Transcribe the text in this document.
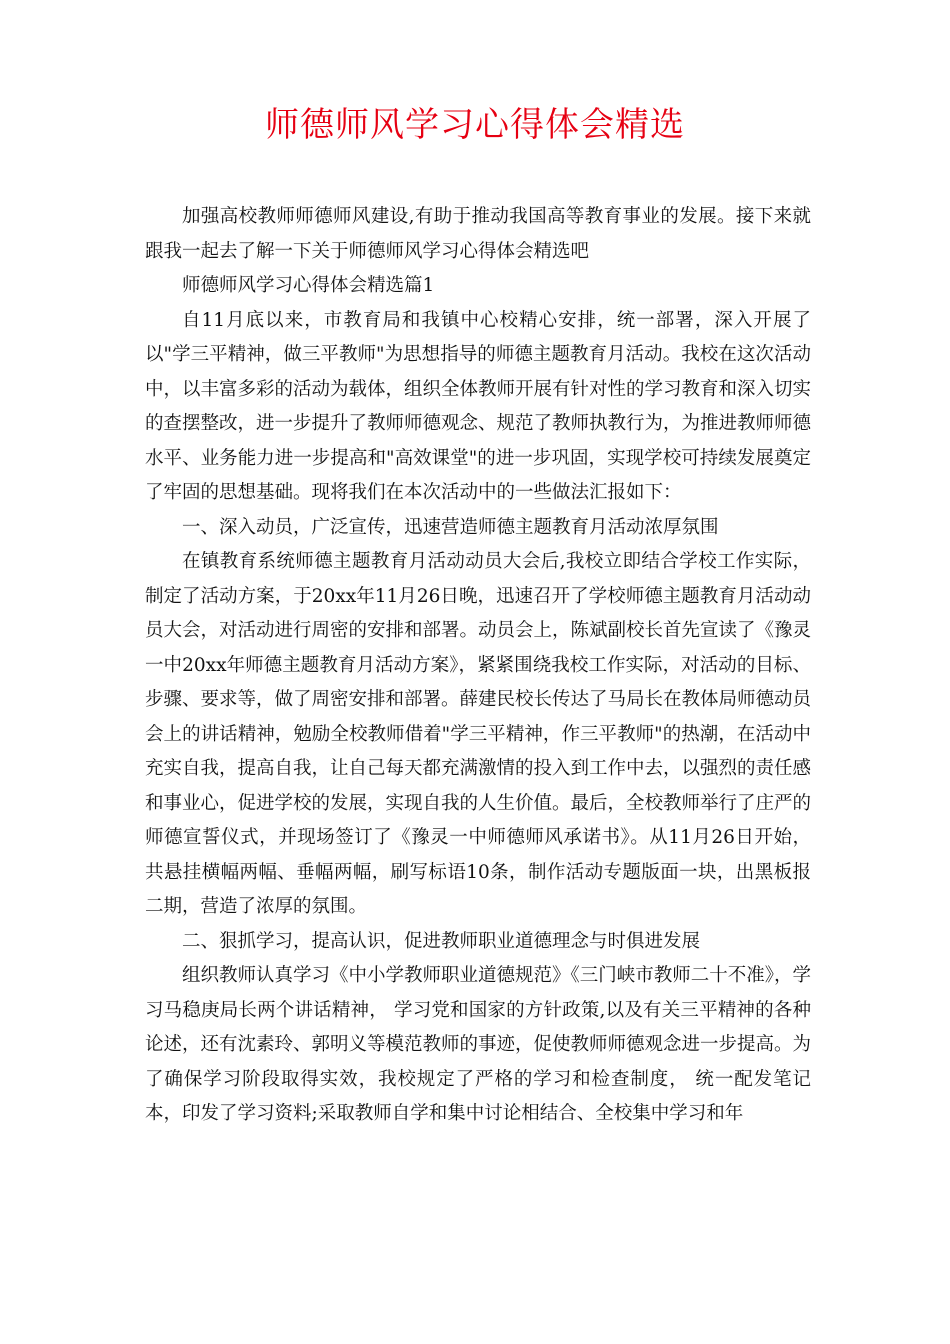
师德师风学习心得体会精选

加强高校教师师德师风建设,有助于推动我国高等教育事业的发展。接下来就跟我一起去了解一下关于师德师风学习心得体会精选吧

师德师风学习心得体会精选篇1

自11月底以来，市教育局和我镇中心校精心安排，统一部署，深入开展了以"学三平精神，做三平教师"为思想指导的师德主题教育月活动。我校在这次活动中，以丰富多彩的活动为载体，组织全体教师开展有针对性的学习教育和深入切实的查摆整改，进一步提升了教师师德观念、规范了教师执教行为，为推进教师师德水平、业务能力进一步提高和"高效课堂"的进一步巩固，实现学校可持续发展奠定了牢固的思想基础。现将我们在本次活动中的一些做法汇报如下：

一、深入动员，广泛宣传，迅速营造师德主题教育月活动浓厚氛围

在镇教育系统师德主题教育月活动动员大会后,我校立即结合学校工作实际，制定了活动方案，于20xx年11月26日晚，迅速召开了学校师德主题教育月活动动员大会，对活动进行周密的安排和部署。动员会上，陈斌副校长首先宣读了《豫灵一中20xx年师德主题教育月活动方案》，紧紧围绕我校工作实际，对活动的目标、步骤、要求等，做了周密安排和部署。薛建民校长传达了马局长在教体局师德动员会上的讲话精神，勉励全校教师借着"学三平精神，作三平教师"的热潮，在活动中充实自我，提高自我，让自己每天都充满激情的投入到工作中去，以强烈的责任感和事业心，促进学校的发展，实现自我的人生价值。最后，全校教师举行了庄严的师德宣誓仪式，并现场签订了《豫灵一中师德师风承诺书》。从11月26日开始，共悬挂横幅两幅、垂幅两幅，刷写标语10条，制作活动专题版面一块，出黑板报二期，营造了浓厚的氛围。

二、狠抓学习，提高认识，促进教师职业道德理念与时俱进发展

组织教师认真学习《中小学教师职业道德规范》《三门峡市教师二十不准》，学习马稳庚局长两个讲话精神， 学习党和国家的方针政策,以及有关三平精神的各种论述，还有沈素玲、郭明义等模范教师的事迹，促使教师师德观念进一步提高。为了确保学习阶段取得实效，我校规定了严格的学习和检查制度， 统一配发笔记本，印发了学习资料;采取教师自学和集中讨论相结合、全校集中学习和年
